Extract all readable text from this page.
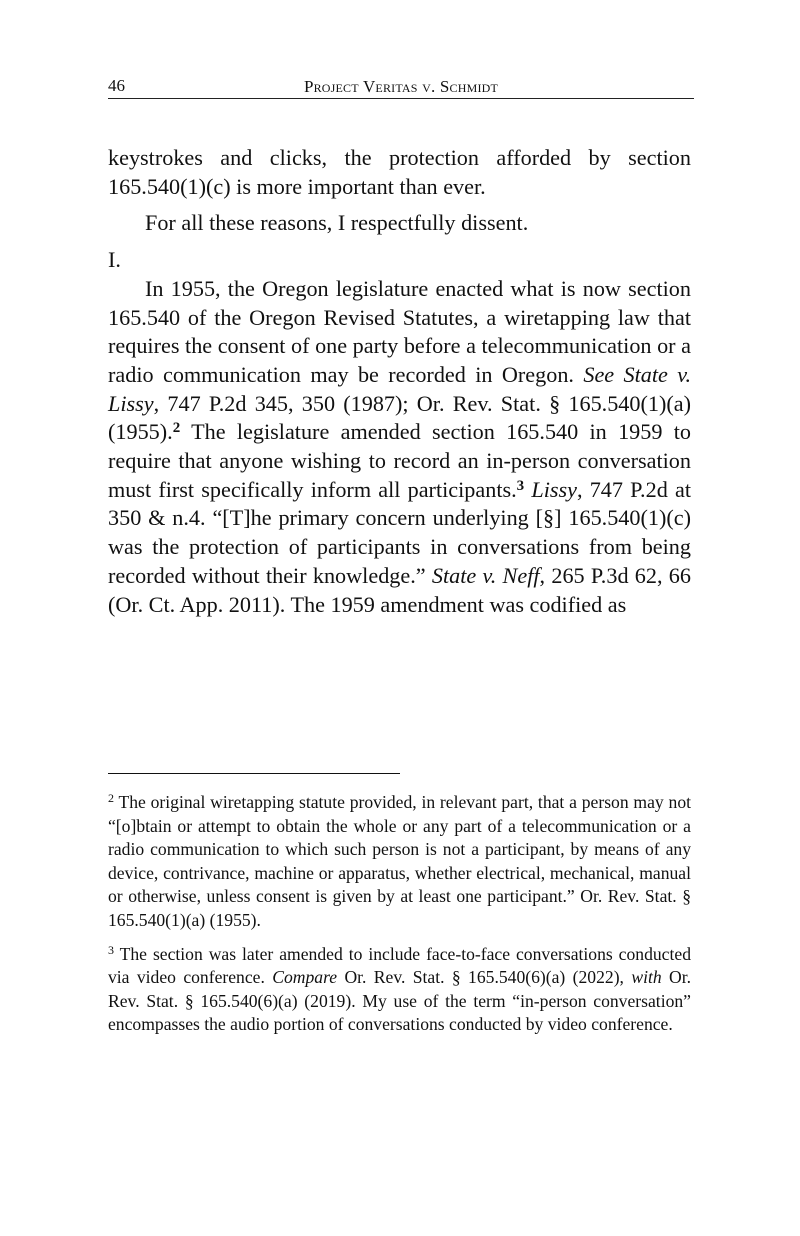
46	Project Veritas v. Schmidt

keystrokes and clicks, the protection afforded by section 165.540(1)(c) is more important than ever.

For all these reasons, I respectfully dissent.

I.

In 1955, the Oregon legislature enacted what is now section 165.540 of the Oregon Revised Statutes, a wiretapping law that requires the consent of one party before a telecommunication or a radio communication may be recorded in Oregon. See State v. Lissy, 747 P.2d 345, 350 (1987); Or. Rev. Stat. § 165.540(1)(a) (1955).$^2$ The legislature amended section 165.540 in 1959 to require that anyone wishing to record an in-person conversation must first specifically inform all participants.$^3$ Lissy, 747 P.2d at 350 & n.4. “[T]he primary concern underlying [§] 165.540(1)(c) was the protection of participants in conversations from being recorded without their knowledge.” State v. Neff, 265 P.3d 62, 66 (Or. Ct. App. 2011). The 1959 amendment was codified as

$^2$ The original wiretapping statute provided, in relevant part, that a person may not “[o]btain or attempt to obtain the whole or any part of a telecommunication or a radio communication to which such person is not a participant, by means of any device, contrivance, machine or apparatus, whether electrical, mechanical, manual or otherwise, unless consent is given by at least one participant.” Or. Rev. Stat. § 165.540(1)(a) (1955).

$^3$ The section was later amended to include face-to-face conversations conducted via video conference. Compare Or. Rev. Stat. § 165.540(6)(a) (2022), with Or. Rev. Stat. § 165.540(6)(a) (2019). My use of the term “in-person conversation” encompasses the audio portion of conversations conducted by video conference.
